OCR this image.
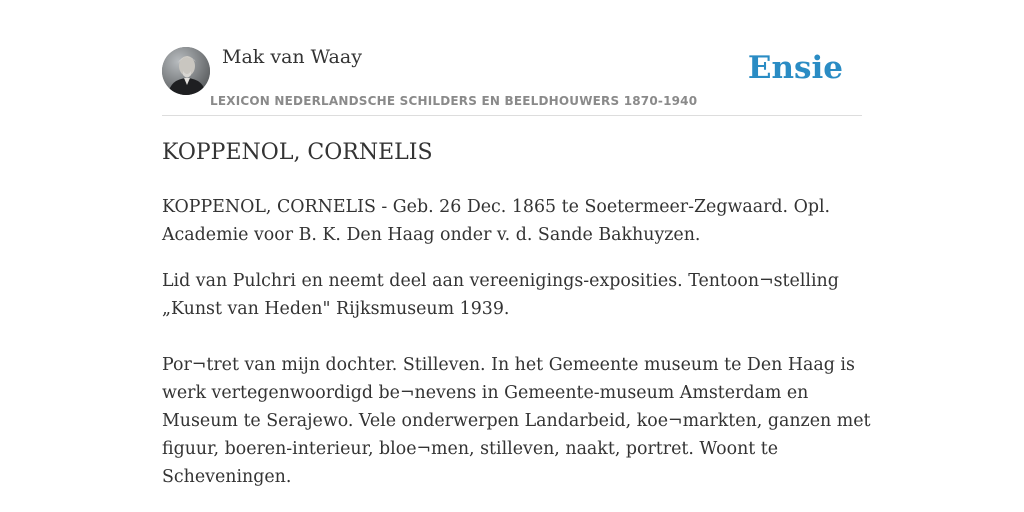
Mak van Waay
LEXICON NEDERLANDSCHE SCHILDERS EN BEELDHOUWERS 1870-1940
Ensie
KOPPENOL, CORNELIS

KOPPENOL, CORNELIS - Geb. 26 Dec. 1865 te Soetermeer-Zegwaard. Opl. Academie voor B. K. Den Haag onder v. d. Sande Bakhuyzen.

Lid van Pulchri en neemt deel aan vereenigings-exposities. Tentoon¬stelling „Kunst van Heden" Rijksmuseum 1939.

Por¬tret van mijn dochter. Stilleven. In het Gemeente museum te Den Haag is werk vertegenwoordigd be¬nevens in Gemeente-museum Amsterdam en Museum te Serajewo. Vele onderwerpen Landarbeid, koe¬markten, ganzen met figuur, boeren-interieur, bloe¬men, stilleven, naakt, portret. Woont te Scheveningen.
